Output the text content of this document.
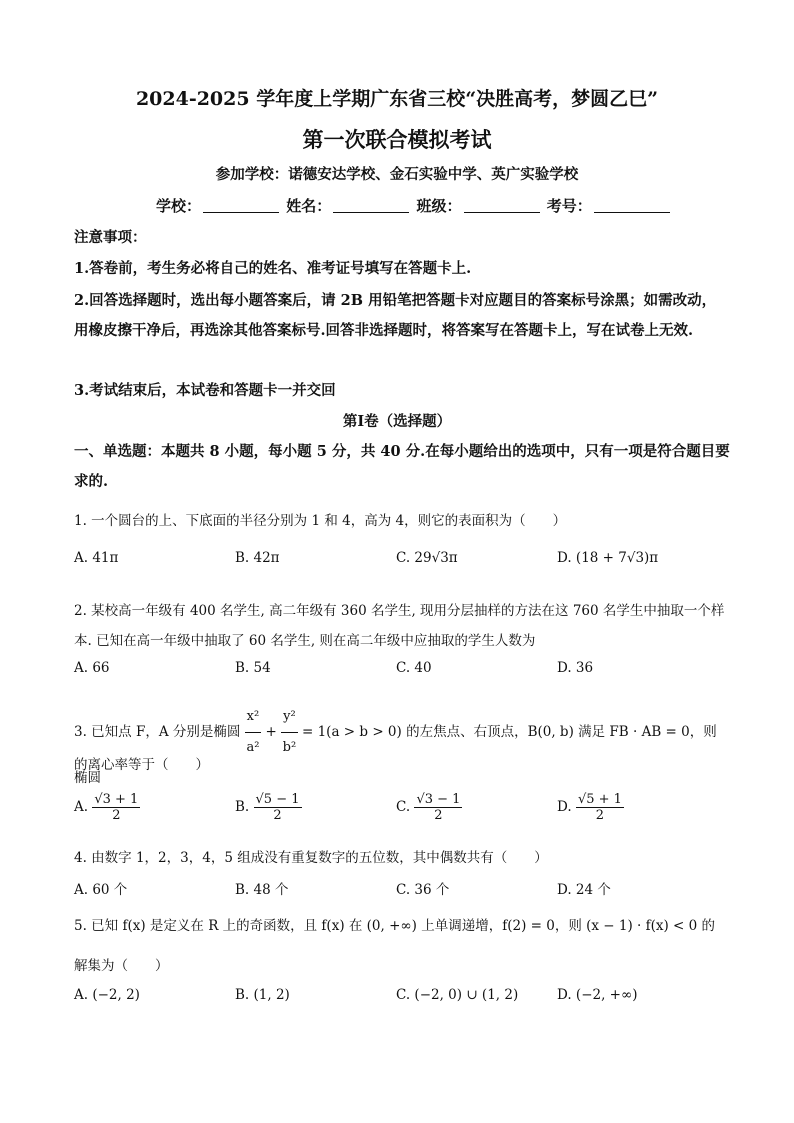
2024-2025 学年度上学期广东省三校“决胜高考，梦圆乙巳”
第一次联合模拟考试
参加学校：诺德安达学校、金石实验中学、英广实验学校
学校：	姓名：	班级：	考号：
注意事项：
1.答卷前，考生务必将自己的姓名、准考证号填写在答题卡上.
2.回答选择题时，选出每小题答案后，请 2B 用铅笔把答题卡对应题目的答案标号涂黑；如需改动，用橡皮擦干净后，再选涂其他答案标号.回答非选择题时，将答案写在答题卡上，写在试卷上无效.
3.考试结束后，本试卷和答题卡一并交回
第Ⅰ卷（选择题）
一、单选题：本题共 8 小题，每小题 5 分，共 40 分.在每小题给出的选项中，只有一项是符合题目要求的.
1. 一个圆台的上、下底面的半径分别为 1 和 4，高为 4，则它的表面积为（　　）
A. 41π	B. 42π	C. 29√3π	D. (18 + 7√3)π
2. 某校高一年级有 400 名学生, 高二年级有 360 名学生, 现用分层抽样的方法在这 760 名学生中抽取一个样本. 已知在高一年级中抽取了 60 名学生, 则在高二年级中应抽取的学生人数为
A. 66	B. 54	C. 40	D. 36
3. 已知点 F，A 分别是椭圆 $\frac{\text{x²}}{\text{a²}} + \frac{\text{y²}}{\text{b²}} = 1(a > b > 0)$ 的左焦点、右顶点，B(0, b) 满足 FB · AB = 0，则椭圆
的离心率等于（　　）
A. $\frac{√3 + 1}{2}$	B. $\frac{√5 - 1}{2}$	C. $\frac{√3 - 1}{2}$	D. $\frac{√5 + 1}{2}$
4. 由数字 1，2，3，4，5 组成没有重复数字的五位数，其中偶数共有（　　）
A. 60 个	B. 48 个	C. 36 个	D. 24 个
5. 已知 f(x) 是定义在 R 上的奇函数，且 f(x) 在 (0, +∞) 上单调递增，f(2) = 0，则 (x − 1) · f(x) < 0 的
解集为（　　）
A. (−2, 2)	B. (1, 2)	C. (−2, 0) ∪ (1, 2)	D. (−2, +∞)
